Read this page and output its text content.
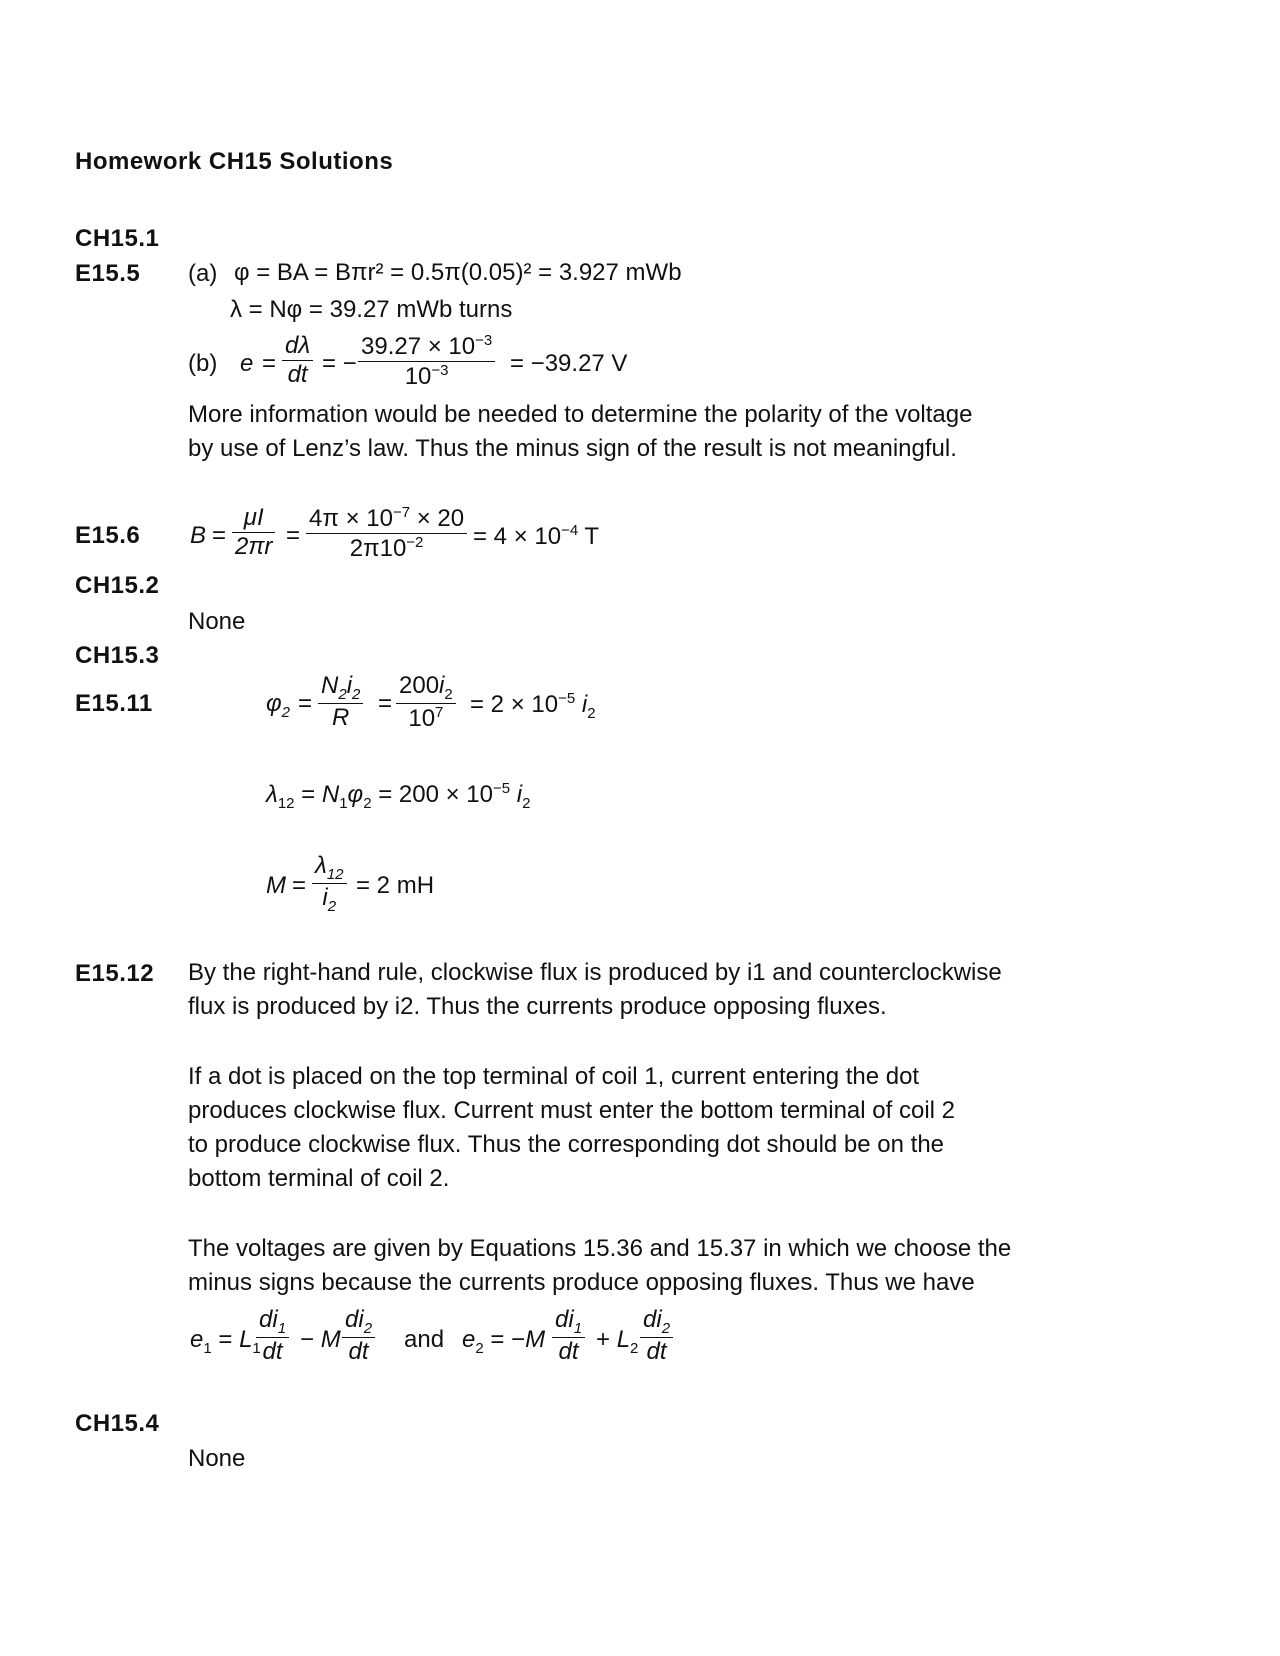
Homework CH15 Solutions
CH15.1
E15.5 (a) φ = BA = Bπr² = 0.5π(0.05)² = 3.927 mWb
λ = Nφ = 39.27 mWb turns
(b) e =
dλ
dt = −
$39.27 \times 10^{-3}$
$10^{-3}$	= −39.27 V
More information would be needed to determine the polarity of the voltage
by use of Lenz’s law. Thus the minus sign of the result is not meaningful.
E15.6 B =
μI
2πr =
$4\pi \times 10^{-7} \times 20$
$2\pi 10^{-2}$	= $4 \times 10^{-4}$ T
CH15.2
None
CH15.3
E15.11	$\varphi_2$ =
$N_2i_2$
R
=
$200i_2$
$10^7$	= $2 \times 10^{-5}$ $i_2$
$\lambda_{12} = N_1\varphi_2 = 200 \times 10^{-5}$ $i_2$
M =
$\lambda_{12}$
$i_2$
= 2 mH
E15.12 By the right-hand rule, clockwise flux is produced by i1 and counterclockwise
flux is produced by i2. Thus the currents produce opposing fluxes.
If a dot is placed on the top terminal of coil 1, current entering the dot
produces clockwise flux. Current must enter the bottom terminal of coil 2
to produce clockwise flux. Thus the corresponding dot should be on the
bottom terminal of coil 2.
The voltages are given by Equations 15.36 and 15.37 in which we choose the
minus signs because the currents produce opposing fluxes. Thus we have
$e_1 = L_1$
$di_1$
dt − M
$di_2$
dt and $e_2 = -M$
$di_1$
dt + $L_2$
$di_2$
dt
CH15.4
None
